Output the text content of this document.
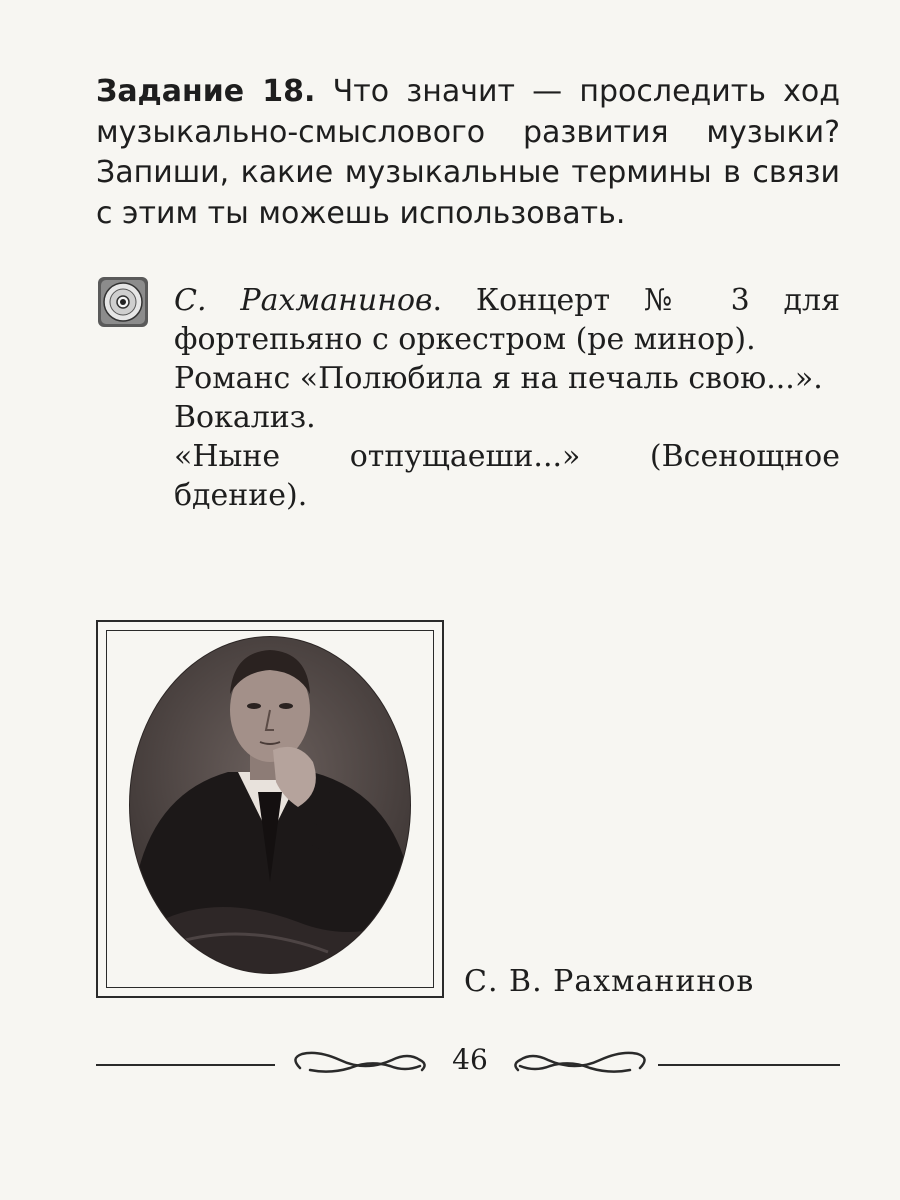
Задание 18. Что значит — проследить ход музыкально-смыслового развития музыки? Запиши, какие музыкальные термины в связи с этим ты можешь использовать.

С. Рахманинов. Концерт № 3 для фортепьяно с оркестром (ре минор).

Романс «Полюбила я на печаль свою...».

Вокализ.

«Ныне отпущаеши...» (Всенощное бдение).

С. В. Рахманинов

46
